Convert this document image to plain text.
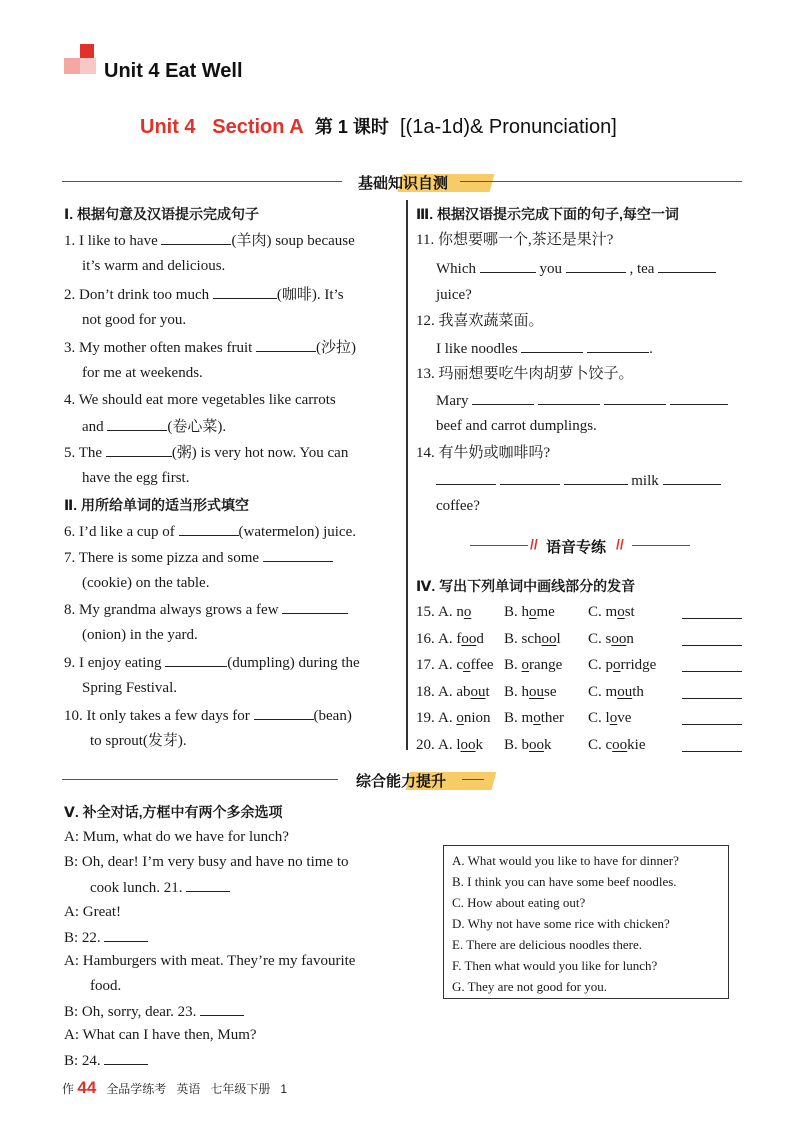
Unit 4 Eat Well
Unit 4 Section A 第 1 课时 [(1a-1d)& Pronunciation]
基础知识自测
Ⅰ. 根据句意及汉语提示完成句子
1. I like to have	(羊肉) soup because
it’s warm and delicious.
2. Don’t drink too much	(咖啡). It’s
not good for you.
3. My mother often makes fruit	(沙拉)
for me at weekends.
4. We should eat more vegetables like carrots
and	(卷心菜).
5. The	(粥) is very hot now. You can
have the egg first.
Ⅱ. 用所给单词的适当形式填空
6. I’d like a cup of	(watermelon) juice.
7. There is some pizza and some
(cookie) on the table.
8. My grandma always grows a few
(onion) in the yard.
9. I enjoy eating	(dumpling) during the
Spring Festival.
10. It only takes a few days for	(bean)
to sprout(发芽).
Ⅲ. 根据汉语提示完成下面的句子,每空一词
11. 你想要哪一个,茶还是果汁?
Which	you	, tea
juice?
12. 我喜欢蔬菜面。
I like noodles	.
13. 玛丽想要吃牛肉胡萝卜饺子。
Mary
beef and carrot dumplings.
14. 有牛奶或咖啡吗?
milk
coffee?
// 语音专练 //
Ⅳ. 写出下列单词中画线部分的发音
15. A. no B. home C. most
16. A. food B. school C. soon
17. A. coffee B. orange C. porridge
18. A. about B. house C. mouth
19. A. onion B. mother C. love
20. A. look B. book C. cookie
综合能力提升
Ⅴ. 补全对话,方框中有两个多余选项
A: Mum, what do we have for lunch?
B: Oh, dear! I’m very busy and have no time to
cook lunch. 21.
A: Great!
B: 22.
A: Hamburgers with meat. They’re my favourite
food.
B: Oh, sorry, dear. 23.
A: What can I have then, Mum?
B: 24.
A. What would you like to have for dinner?
B. I think you can have some beef noodles.
C. How about eating out?
D. Why not have some rice with chicken?
E. There are delicious noodles there.
F. Then what would you like for lunch?
G. They are not good for you.
作 44 全品学练考 英语 七年级下册 1
